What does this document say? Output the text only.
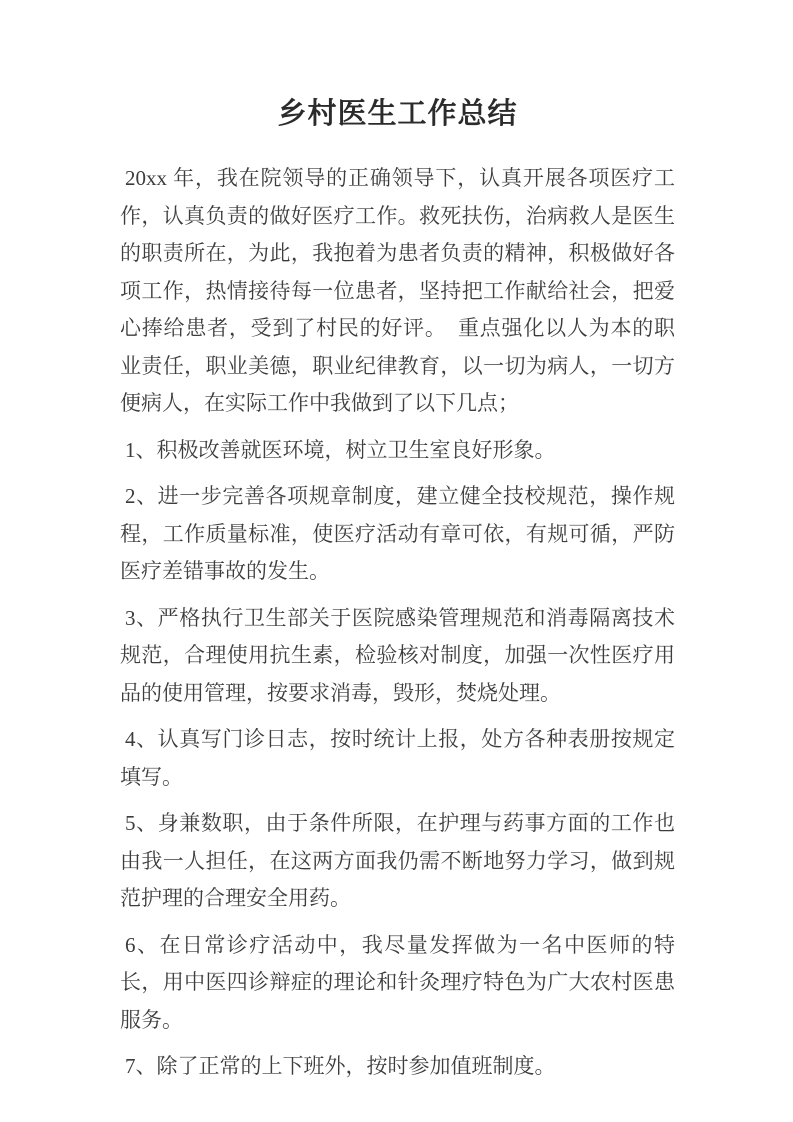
乡村医生工作总结

20xx 年，我在院领导的正确领导下，认真开展各项医疗工作，认真负责的做好医疗工作。救死扶伤，治病救人是医生的职责所在，为此，我抱着为患者负责的精神，积极做好各项工作，热情接待每一位患者，坚持把工作献给社会，把爱心捧给患者，受到了村民的好评。　重点强化以人为本的职业责任，职业美德，职业纪律教育，以一切为病人，一切方便病人，在实际工作中我做到了以下几点；

1、积极改善就医环境，树立卫生室良好形象。

2、进一步完善各项规章制度，建立健全技校规范，操作规程，工作质量标准，使医疗活动有章可依，有规可循，严防医疗差错事故的发生。

3、严格执行卫生部关于医院感染管理规范和消毒隔离技术规范，合理使用抗生素，检验核对制度，加强一次性医疗用品的使用管理，按要求消毒，毁形，焚烧处理。

4、认真写门诊日志，按时统计上报，处方各种表册按规定填写。

5、身兼数职，由于条件所限，在护理与药事方面的工作也由我一人担任，在这两方面我仍需不断地努力学习，做到规范护理的合理安全用药。

6、在日常诊疗活动中，我尽量发挥做为一名中医师的特长，用中医四诊辩症的理论和针灸理疗特色为广大农村医患服务。

7、除了正常的上下班外，按时参加值班制度。
